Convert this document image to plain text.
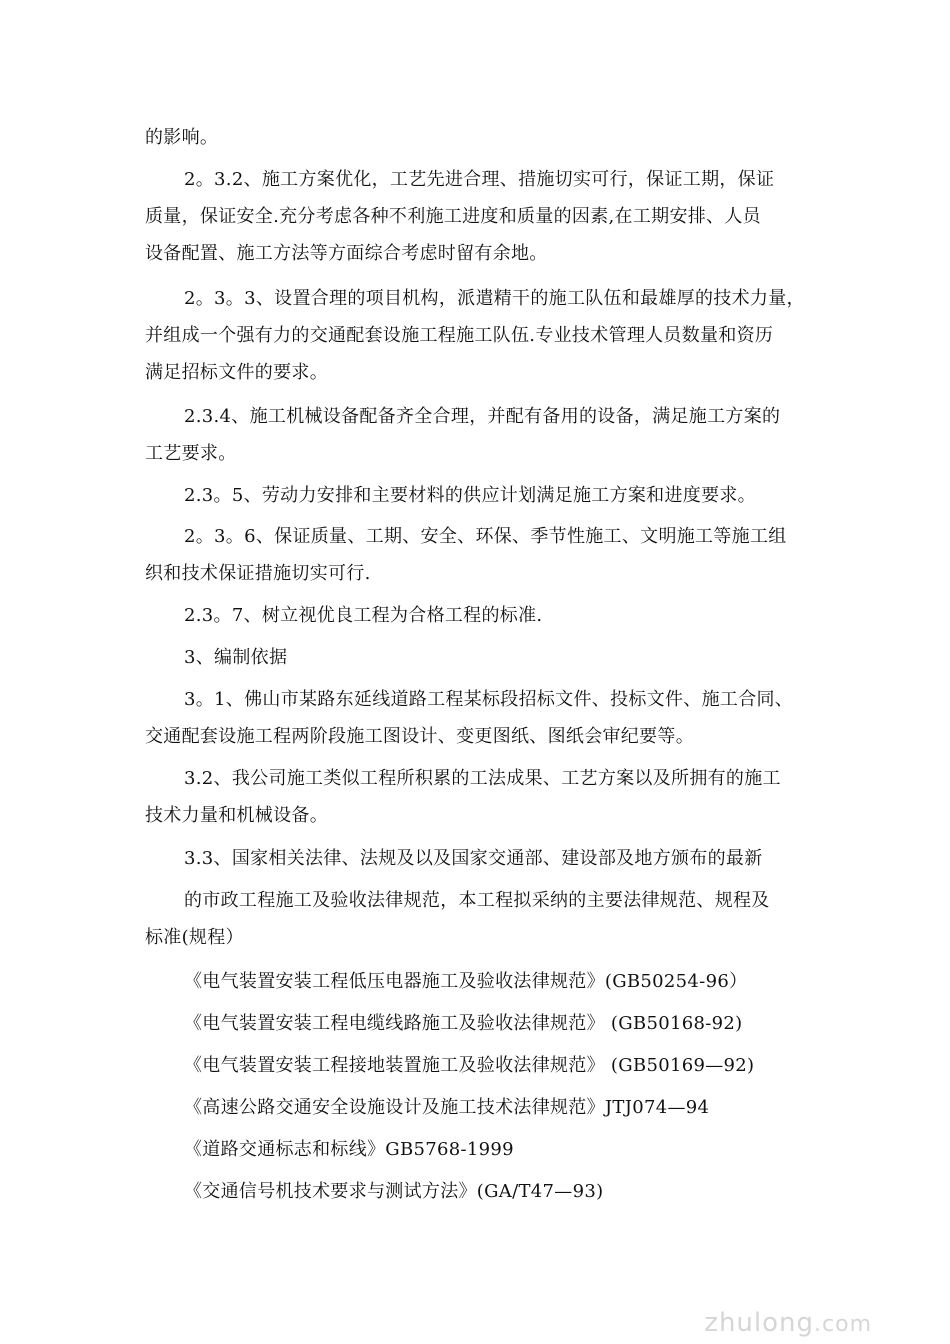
的影响。

2。3.2、施工方案优化，工艺先进合理、措施切实可行，保证工期，保证

质量，保证安全.充分考虑各种不利施工进度和质量的因素,在工期安排、人员

设备配置、施工方法等方面综合考虑时留有余地。

2。3。3、设置合理的项目机构，派遣精干的施工队伍和最雄厚的技术力量，

并组成一个强有力的交通配套设施工程施工队伍.专业技术管理人员数量和资历

满足招标文件的要求。

2.3.4、施工机械设备配备齐全合理，并配有备用的设备，满足施工方案的

工艺要求。

2.3。5、劳动力安排和主要材料的供应计划满足施工方案和进度要求。

2。3。6、保证质量、工期、安全、环保、季节性施工、文明施工等施工组

织和技术保证措施切实可行.

2.3。7、树立视优良工程为合格工程的标准.

3、编制依据

3。1、佛山市某路东延线道路工程某标段招标文件、投标文件、施工合同、

交通配套设施工程两阶段施工图设计、变更图纸、图纸会审纪要等。

3.2、我公司施工类似工程所积累的工法成果、工艺方案以及所拥有的施工

技术力量和机械设备。

3.3、国家相关法律、法规及以及国家交通部、建设部及地方颁布的最新

的市政工程施工及验收法律规范，本工程拟采纳的主要法律规范、规程及

标准(规程）

《电气装置安装工程低压电器施工及验收法律规范》(GB50254-96）

《电气装置安装工程电缆线路施工及验收法律规范》 (GB50168-92)

《电气装置安装工程接地装置施工及验收法律规范》 (GB50169—92)

《高速公路交通安全设施设计及施工技术法律规范》JTJ074—94

《道路交通标志和标线》GB5768-1999

《交通信号机技术要求与测试方法》(GA/T47—93)

zhulong.com
